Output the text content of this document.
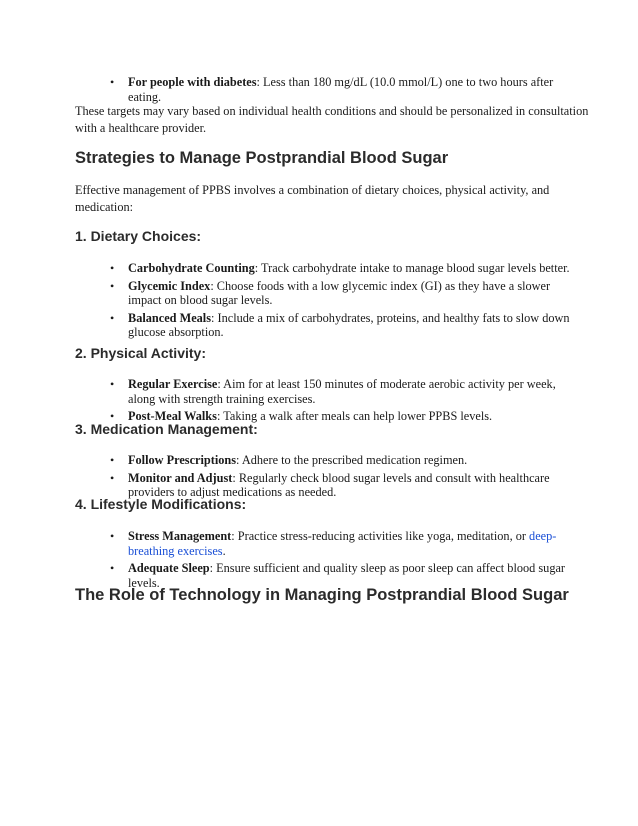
• For people with diabetes: Less than 180 mg/dL (10.0 mmol/L) one to two hours after eating.

These targets may vary based on individual health conditions and should be personalized in consultation with a healthcare provider.

Strategies to Manage Postprandial Blood Sugar

Effective management of PPBS involves a combination of dietary choices, physical activity, and medication:

1. Dietary Choices:
• Carbohydrate Counting: Track carbohydrate intake to manage blood sugar levels better.
• Glycemic Index: Choose foods with a low glycemic index (GI) as they have a slower impact on blood sugar levels.
• Balanced Meals: Include a mix of carbohydrates, proteins, and healthy fats to slow down glucose absorption.
2. Physical Activity:
• Regular Exercise: Aim for at least 150 minutes of moderate aerobic activity per week, along with strength training exercises.
• Post-Meal Walks: Taking a walk after meals can help lower PPBS levels.
3. Medication Management:
• Follow Prescriptions: Adhere to the prescribed medication regimen.
• Monitor and Adjust: Regularly check blood sugar levels and consult with healthcare providers to adjust medications as needed.
4. Lifestyle Modifications:
• Stress Management: Practice stress-reducing activities like yoga, meditation, or deep-breathing exercises.
• Adequate Sleep: Ensure sufficient and quality sleep as poor sleep can affect blood sugar levels.
The Role of Technology in Managing Postprandial Blood Sugar
